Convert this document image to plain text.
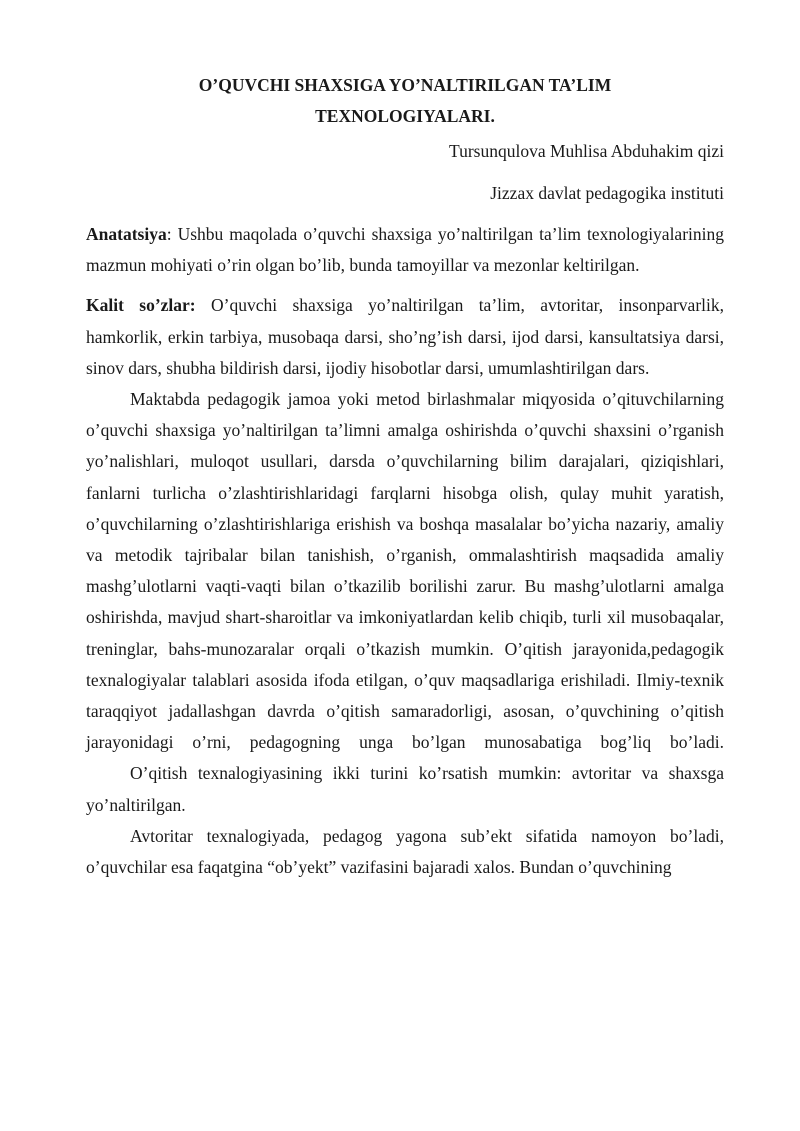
O’QUVCHI SHAXSIGA YO’NALTIRILGAN TA’LIM
TEXNOLOGIYALARI.

Tursunqulova Muhlisa Abduhakim qizi

Jizzax davlat pedagogika instituti

Anatatsiya: Ushbu maqolada o’quvchi shaxsiga yo’naltirilgan ta’lim texnologiyalarining mazmun mohiyati o’rin olgan bo’lib, bunda tamoyillar va mezonlar keltirilgan.

Kalit so’zlar: O’quvchi shaxsiga yo’naltirilgan ta’lim, avtoritar, insonparvarlik, hamkorlik, erkin tarbiya, musobaqa darsi, sho’ng’ish darsi, ijod darsi, kansultatsiya darsi, sinov dars, shubha bildirish darsi, ijodiy hisobotlar darsi, umumlashtirilgan dars.

Maktabda pedagogik jamoa yoki metod birlashmalar miqyosida o’qituvchilarning o’quvchi shaxsiga yo’naltirilgan ta’limni amalga oshirishda o’quvchi shaxsini o’rganish yo’nalishlari, muloqot usullari, darsda o’quvchilarning bilim darajalari, qiziqishlari, fanlarni turlicha o’zlashtirishlaridagi farqlarni hisobga olish, qulay muhit yaratish, o’quvchilarning o’zlashtirishlariga erishish va boshqa masalalar bo’yicha nazariy, amaliy va metodik tajribalar bilan tanishish, o’rganish, ommalashtirish maqsadida amaliy mashg’ulotlarni vaqti-vaqti bilan o’tkazilib borilishi zarur. Bu mashg’ulotlarni amalga oshirishda, mavjud shart-sharoitlar va imkoniyatlardan kelib chiqib, turli xil musobaqalar, treninglar, bahs-munozaralar orqali o’tkazish mumkin. O’qitish jarayonida,pedagogik texnalogiyalar talablari asosida ifoda etilgan, o’quv maqsadlariga erishiladi. Ilmiy-texnik taraqqiyot jadallashgan davrda o’qitish samaradorligi, asosan, o’quvchining o’qitish jarayonidagi o’rni, pedagogning unga bo’lgan munosabatiga bog’liq bo’ladi.

O’qitish texnalogiyasining ikki turini ko’rsatish mumkin: avtoritar va shaxsga yo’naltirilgan.

Avtoritar texnalogiyada, pedagog yagona sub’ekt sifatida namoyon bo’ladi, o’quvchilar esa faqatgina “ob’yekt” vazifasini bajaradi xalos. Bundan o’quvchining
